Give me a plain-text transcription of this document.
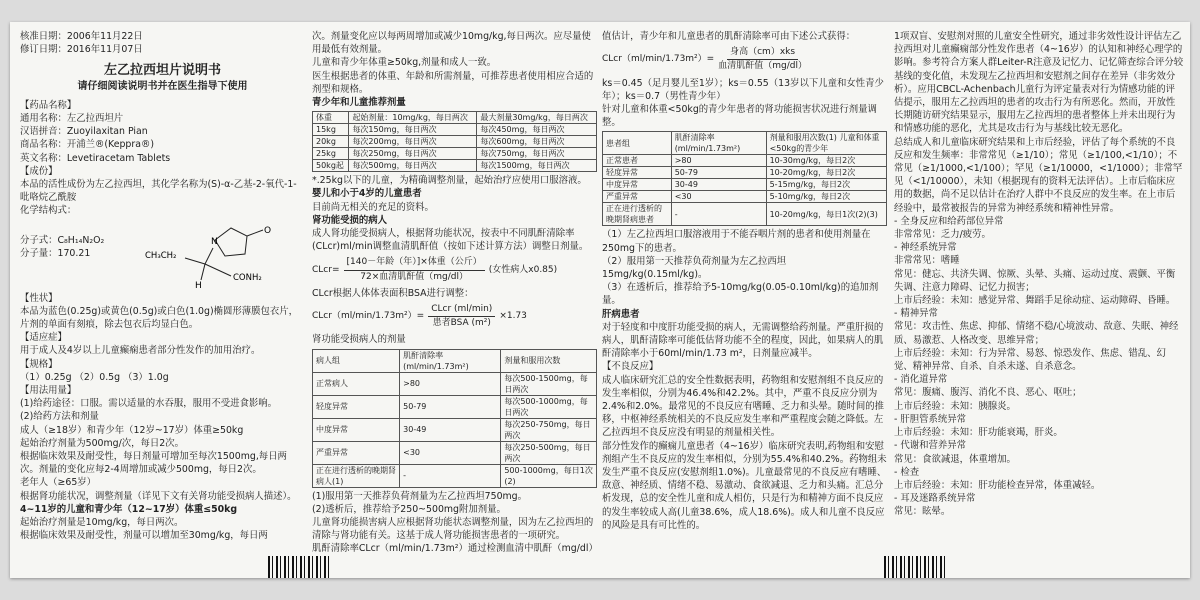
核准日期：2006年11月22日

修订日期：2016年11月07日

左乙拉西坦片说明书
请仔细阅读说明书并在医生指导下使用

【药品名称】

通用名称：左乙拉西坦片

汉语拼音：Zuoyilaxitan Pian

商品名称：开浦兰®(Keppra®)

英文名称：Levetiracetam Tablets

【成份】

本品的活性成份为左乙拉西坦，其化学名称为(S)-α-乙基-2-氧代-1-吡咯烷乙酰胺

化学结构式：

分子式：C₈H₁₄N₂O₂

分子量：170.21

O
N
CH₃CH₂
CONH₂
H

【性状】

本品为蓝色(0.25g)或黄色(0.5g)或白色(1.0g)椭圆形薄膜包衣片，片剂的单面有刻痕，除去包衣后均显白色。

【适应症】

用于成人及4岁以上儿童癫痫患者部分性发作的加用治疗。

【规格】

（1）0.25g （2）0.5g （3）1.0g

【用法用量】

(1)给药途径：口服。需以适量的水吞服，服用不受进食影响。

(2)给药方法和剂量

成人（≥18岁）和青少年（12岁~17岁）体重≥50kg

起始治疗剂量为500mg/次，每日2次。

根据临床效果及耐受性，每日剂量可增加至每次1500mg,每日两次。剂量的变化应每2-4周增加或减少500mg，每日2次。

老年人（≥65岁）

根据肾功能状况，调整剂量（详见下文有关肾功能受损病人描述）。

4~11岁的儿童和青少年（12~17岁）体重≤50kg

起始治疗剂量是10mg/kg，每日两次。

根据临床效果及耐受性，剂量可以增加至30mg/kg，每日两

次。剂量变化应以每两周增加或减少10mg/kg,每日两次。应尽量使用最低有效剂量。

儿童和青少年体重≥50kg,剂量和成人一致。

医生根据患者的体重、年龄和所需剂量，可推荐患者使用相应合适的剂型和规格。

青少年和儿童推荐剂量

体重	起始剂量：10mg/kg，每日两次	最大剂量30mg/kg，每日两次
15kg	每次150mg，每日两次	每次450mg，每日两次
20kg	每次200mg，每日两次	每次600mg，每日两次
25kg	每次250mg，每日两次	每次750mg，每日两次
50kg起	每次500mg，每日两次	每次1500mg，每日两次

*.25kg以下的儿童，为精确调整剂量，起始治疗应使用口服溶液。

婴儿和小于4岁的儿童患者

目前尚无相关的充足的资料。

肾功能受损的病人

成人肾功能受损病人，根据肾功能状况，按表中不同肌酐清除率(CLcr)ml/min调整血清肌酐值（按如下述计算方法）调整日剂量。

CLcr= $\frac{\text{[140－年龄（年）]×体重（公斤）}}{\text{72×血清肌酐值（mg/dl）}}$ (女性病人x0.85)

CLcr根据人体体表面积BSA进行调整：

CLcr（ml/min/1.73m²）= $\frac{\text{CLcr (ml/min)}}{\text{患者BSA (m²)}} \times 1.73$

肾功能受损病人的剂量

病人组	肌酐清除率(ml/min/1.73m²)	剂量和服用次数
正常病人	>80	每次500-1500mg，每日两次
轻度异常	50-79	每次500-1000mg，每日两次
中度异常	30-49	每次250-750mg，每日两次
严重异常	<30	每次250-500mg，每日两次
正在进行透析的晚期肾病人(1)	-	500-1000mg，每日1次(2)

(1)服用第一天推荐负荷剂量为左乙拉西坦750mg。

(2)透析后，推荐给予250~500mg附加剂量。

儿童肾功能损害病人应根据肾功能状态调整剂量，因为左乙拉西坦的清除与肾功能有关。这基于成人肾功能损害患者的一项研究。

肌酐清除率CLcr（ml/min/1.73m²）通过检测血清中肌酐（mg/dl）

值估计，青少年和儿童患者的肌酐清除率可由下述公式获得：

CLcr（ml/min/1.73m²）= $\frac{\text{身高（cm）xks}}{\text{血清肌酐值（mg/dl）}}$

ks＝0.45（足月婴儿至1岁）；ks＝0.55（13岁以下儿童和女性青少年）；ks＝0.7（男性青少年）

针对儿童和体重<50kg的青少年患者的肾功能损害状况进行剂量调整。

患者组	肌酐清除率(ml/min/1.73m²)	剂量和服用次数(1) 儿童和体重<50kg的青少年
正常患者	>80	10-30mg/kg，每日2次
轻度异常	50-79	10-20mg/kg，每日2次
中度异常	30-49	5-15mg/kg，每日2次
严重异常	<30	5-10mg/kg，每日2次
正在进行透析的晚期肾病患者	-	10-20mg/kg，每日1次(2)(3)

（1）左乙拉西坦口服溶液用于不能吞咽片剂的患者和使用剂量在250mg下的患者。

（2）服用第一天推荐负荷剂量为左乙拉西坦15mg/kg(0.15ml/kg)。

（3）在透析后，推荐给予5-10mg/kg(0.05-0.10ml/kg)的追加剂量。

肝病患者

对于轻度和中度肝功能受损的病人，无需调整给药剂量。严重肝损的病人，肌酐清除率可能低估肾功能不全的程度，因此，如果病人的肌酐清除率小于60ml/min/1.73 m²，日剂量应减半。

【不良反应】

成人临床研究汇总的安全性数据表明，药物组和安慰剂组不良反应的发生率相似，分别为46.4%和42.2%。其中，严重不良反应分别为2.4%和2.0%。最常见的不良反应有嗜睡、乏力和头晕。随时间的推移，中枢神经系统相关的不良反应发生率和严重程度会随之降低。左乙拉西坦不良反应没有明显的剂量相关性。

部分性发作的癫痫儿童患者（4~16岁）临床研究表明,药物组和安慰剂组产生不良反应的发生率相似，分别为55.4%和40.2%。药物组未发生严重不良反应(安慰剂组1.0%)。儿童最常见的不良反应有嗜睡、敌意、神经质、情绪不稳、易激动、食欲减退、乏力和头痛。汇总分析发现，总的安全性儿童和成人相仿，只是行为和精神方面不良反应的发生率较成人高(儿童38.6%，成人18.6%)。成人和儿童不良反应的风险是具有可比性的。

1项双盲、安慰剂对照的儿童安全性研究，通过非劣效性设计评估左乙拉西坦对儿童癫痫部分性发作患者（4~16岁）的认知和神经心理学的影响。参考符合方案人群Leiter-R注意及记忆力、记忆筛查综合评分较基线的变化值，未发现左乙拉西坦和安慰剂之间存在差异（非劣效分析）。应用CBCL-Achenbach儿童行为评定量表对行为情感功能的评估提示，服用左乙拉西坦的患者的攻击行为有所恶化。然而，开放性长期随访研究结果显示，服用左乙拉西坦的患者整体上并未出现行为和情感功能的恶化，尤其是攻击行为与基线比较无恶化。

总结成人和儿童临床研究结果和上市后经验，评估了每个系统的不良反应和发生频率：非常常见（≥1/10）；常见（≥1/100,<1/10）；不常见（≥1/1000,<1/100）；罕见（≥1/10000，<1/1000）；非常罕见（<1/10000），未知（根据现有的资料无法评估）。上市后临床应用的数据，尚不足以估计在治疗人群中不良反应的发生率。在上市后经验中，最常被报告的异常为神经系统和精神性异常。

- 全身反应和给药部位异常

非常常见：乏力/疲劳。

- 神经系统异常

非常常见：嗜睡

常见：健忘、共济失调、惊厥、头晕、头痛、运动过度、震颤、平衡失调、注意力障碍、记忆力损害；

上市后经验：未知：感觉异常、舞蹈手足徐动症、运动障碍、昏睡。

- 精神异常

常见：攻击性、焦虑、抑郁、情绪不稳/心境波动、敌意、失眠、神经质、易激惹、人格改变、思维异常；

上市后经验：未知：行为异常、易怒、惊恐发作、焦虑、错乱、幻觉、精神异常、自杀、自杀未遂、自杀意念。

- 消化道异常

常见：腹痛、腹泻、消化不良、恶心、呕吐；

上市后经验：未知：胰腺炎。

- 肝胆管系统异常

上市后经验：未知：肝功能衰竭，肝炎。

- 代谢和营养异常

常见：食欲减退，体重增加。

- 检查

上市后经验：未知：肝功能检查异常，体重减轻。

- 耳及迷路系统异常

常见：眩晕。
